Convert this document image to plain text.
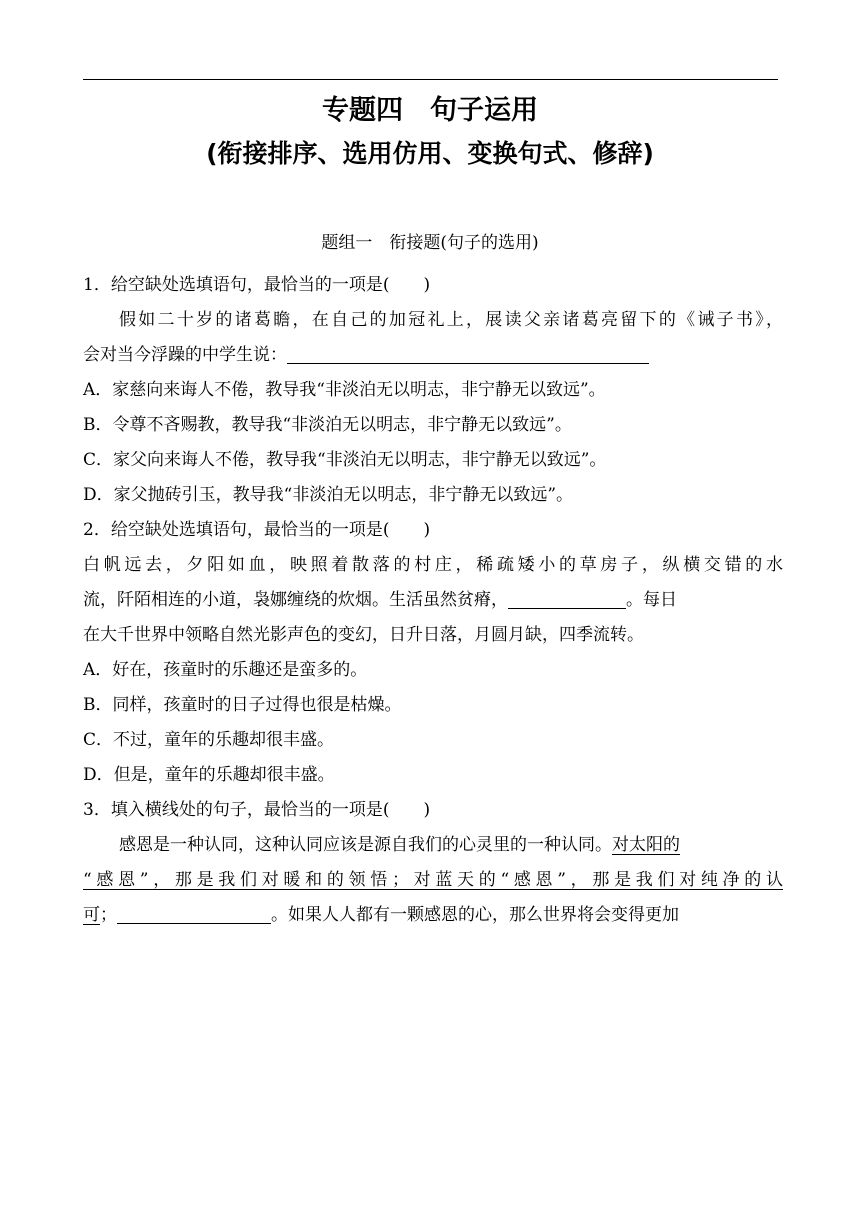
专题四　句子运用
(衔接排序、选用仿用、变换句式、修辞)
题组一　衔接题(句子的选用)
1．给空缺处选填语句，最恰当的一项是(　　)
假如二十岁的诸葛瞻，在自己的加冠礼上，展读父亲诸葛亮留下的《诫子书》，
会对当今浮躁的中学生说：
A．家慈向来诲人不倦，教导我“非淡泊无以明志，非宁静无以致远”。
B．令尊不吝赐教，教导我“非淡泊无以明志，非宁静无以致远”。
C．家父向来诲人不倦，教导我“非淡泊无以明志，非宁静无以致远”。
D．家父抛砖引玉，教导我“非淡泊无以明志，非宁静无以致远”。
2．给空缺处选填语句，最恰当的一项是(　　)
白帆远去，夕阳如血，映照着散落的村庄，稀疏矮小的草房子，纵横交错的水
流，阡陌相连的小道，袅娜缠绕的炊烟。生活虽然贫瘠，	。每日
在大千世界中领略自然光影声色的变幻，日升日落，月圆月缺，四季流转。
A．好在，孩童时的乐趣还是蛮多的。
B．同样，孩童时的日子过得也很是枯燥。
C．不过，童年的乐趣却很丰盛。
D．但是，童年的乐趣却很丰盛。
3．填入横线处的句子，最恰当的一项是(　　)
感恩是一种认同，这种认同应该是源自我们的心灵里的一种认同。对太阳的
“感恩”，那是我们对暖和的领悟；对蓝天的“感恩”，那是我们对纯净的认
可；	。如果人人都有一颗感恩的心，那么世界将会变得更加
